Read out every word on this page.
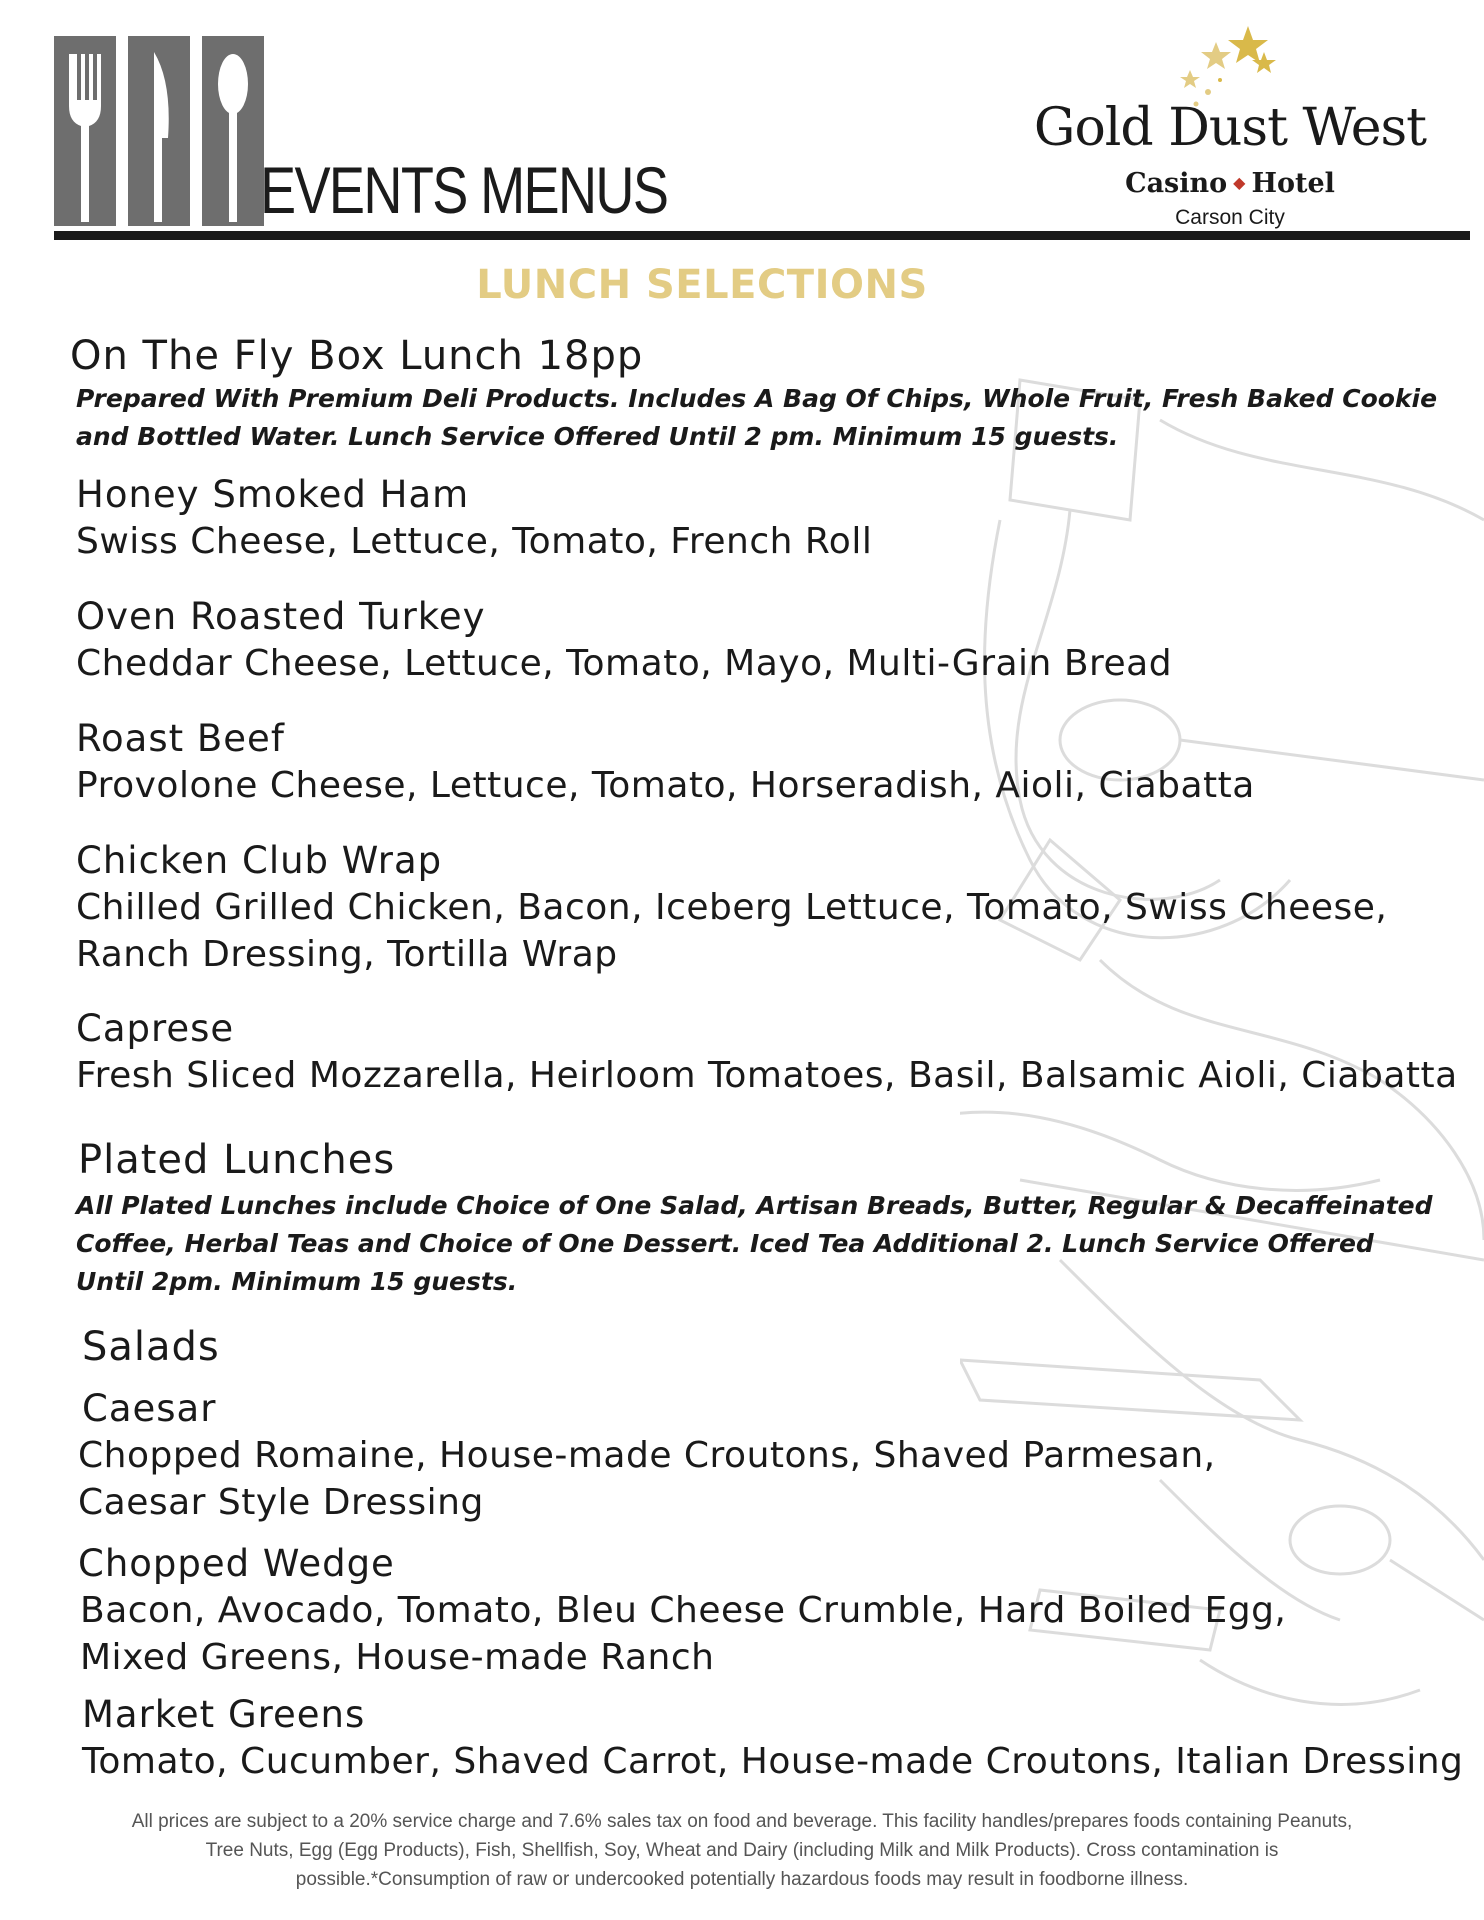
EVENTS MENUS
Gold Dust West
Casino ◆ Hotel
Carson City
LUNCH SELECTIONS
On The Fly Box Lunch 18pp
Prepared With Premium Deli Products. Includes A Bag Of Chips, Whole Fruit, Fresh Baked Cookie
and Bottled Water. Lunch Service Offered Until 2 pm. Minimum 15 guests.
Honey Smoked Ham
Swiss Cheese, Lettuce, Tomato, French Roll
Oven Roasted Turkey
Cheddar Cheese, Lettuce, Tomato, Mayo, Multi-Grain Bread
Roast Beef
Provolone Cheese, Lettuce, Tomato, Horseradish, Aioli, Ciabatta
Chicken Club Wrap
Chilled Grilled Chicken, Bacon, Iceberg Lettuce, Tomato, Swiss Cheese,
Ranch Dressing, Tortilla Wrap
Caprese
Fresh Sliced Mozzarella, Heirloom Tomatoes, Basil, Balsamic Aioli, Ciabatta
Plated Lunches
All Plated Lunches include Choice of One Salad, Artisan Breads, Butter, Regular & Decaffeinated
Coffee, Herbal Teas and Choice of One Dessert. Iced Tea Additional 2. Lunch Service Offered
Until 2pm. Minimum 15 guests.
Salads
Caesar
Chopped Romaine, House-made Croutons, Shaved Parmesan,
Caesar Style Dressing
Chopped Wedge
Bacon, Avocado, Tomato, Bleu Cheese Crumble, Hard Boiled Egg,
Mixed Greens, House-made Ranch
Market Greens
Tomato, Cucumber, Shaved Carrot, House-made Croutons, Italian Dressing
All prices are subject to a 20% service charge and 7.6% sales tax on food and beverage. This facility handles/prepares foods containing Peanuts,
Tree Nuts, Egg (Egg Products), Fish, Shellfish, Soy, Wheat and Dairy (including Milk and Milk Products). Cross contamination is
possible.*Consumption of raw or undercooked potentially hazardous foods may result in foodborne illness.
